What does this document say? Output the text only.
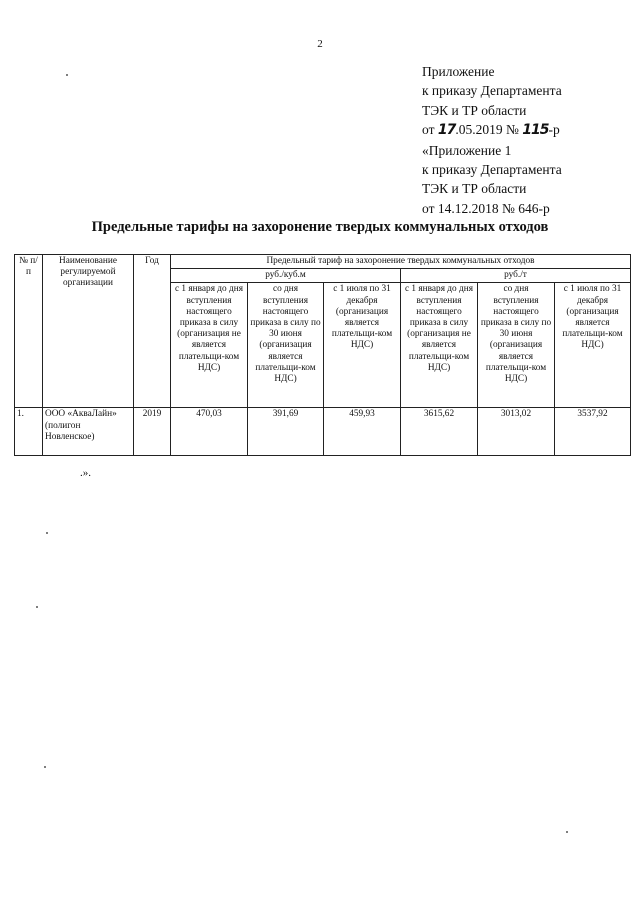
2
Приложение
к приказу Департамента
ТЭК и ТР области
от 17.05.2019 № 115-р
«Приложение 1
к приказу Департамента
ТЭК и ТР области
от 14.12.2018 № 646-р
Предельные тарифы на захоронение твердых коммунальных отходов
№ п/п	Наименование регулируемой организации	Год	Предельный тариф на захоронение твердых коммунальных отходов					
			руб./куб.м			руб./т		
			с 1 января до дня вступления настоящего приказа в силу (организация не является плательщи-ком НДС)	со дня вступления настоящего приказа в силу по 30 июня (организация является плательщи-ком НДС)	с 1 июля по 31 декабря (организация является плательщи-ком НДС)	с 1 января до дня вступления настоящего приказа в силу (организация не является плательщи-ком НДС)	со дня вступления настоящего приказа в силу по 30 июня (организация является плательщи-ком НДС)	с 1 июля по 31 декабря (организация является плательщи-ком НДС)
1.	ООО «АкваЛайн» (полигон Новленское)	2019	470,03	391,69	459,93	3615,62	3013,02	3537,92
.».
